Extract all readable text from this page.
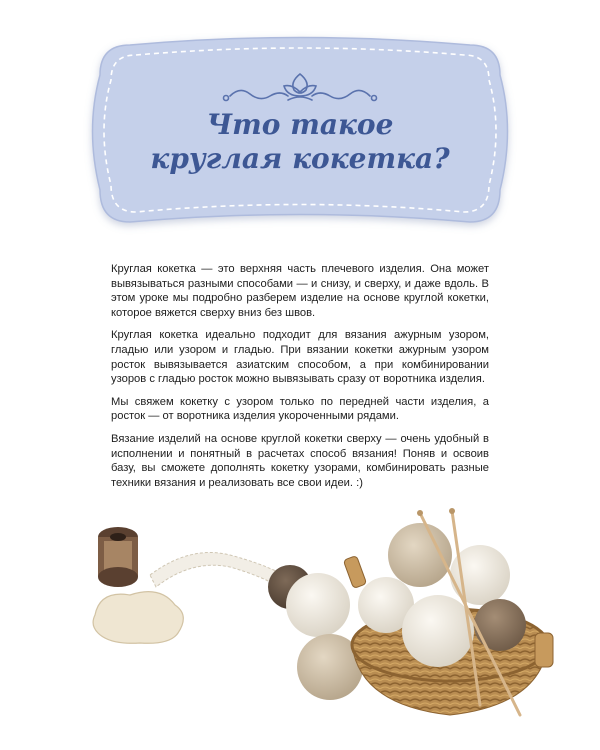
Что такое
круглая кокетка?

Круглая кокетка — это верхняя часть плечевого изделия. Она может вывязываться разными способами — и снизу, и сверху, и даже вдоль. В этом уроке мы подробно разберем изделие на основе круглой кокетки, которое вяжется сверху вниз без швов.

Круглая кокетка идеально подходит для вязания ажурным узором, гладью или узором и гладью. При вязании кокетки ажурным узором росток вывязывается азиатским способом, а при комбинировании узоров с гладью росток можно вывязывать сразу от воротника изделия.

Мы свяжем кокетку с узором только по передней части изделия, а росток — от воротника изделия укороченными рядами.

Вязание изделий на основе круглой кокетки сверху — очень удобный в исполнении и понятный в расчетах способ вязания! Поняв и освоив базу, вы сможете дополнять кокетку узорами, комбинировать разные техники вязания и реализовать все свои идеи. :)
